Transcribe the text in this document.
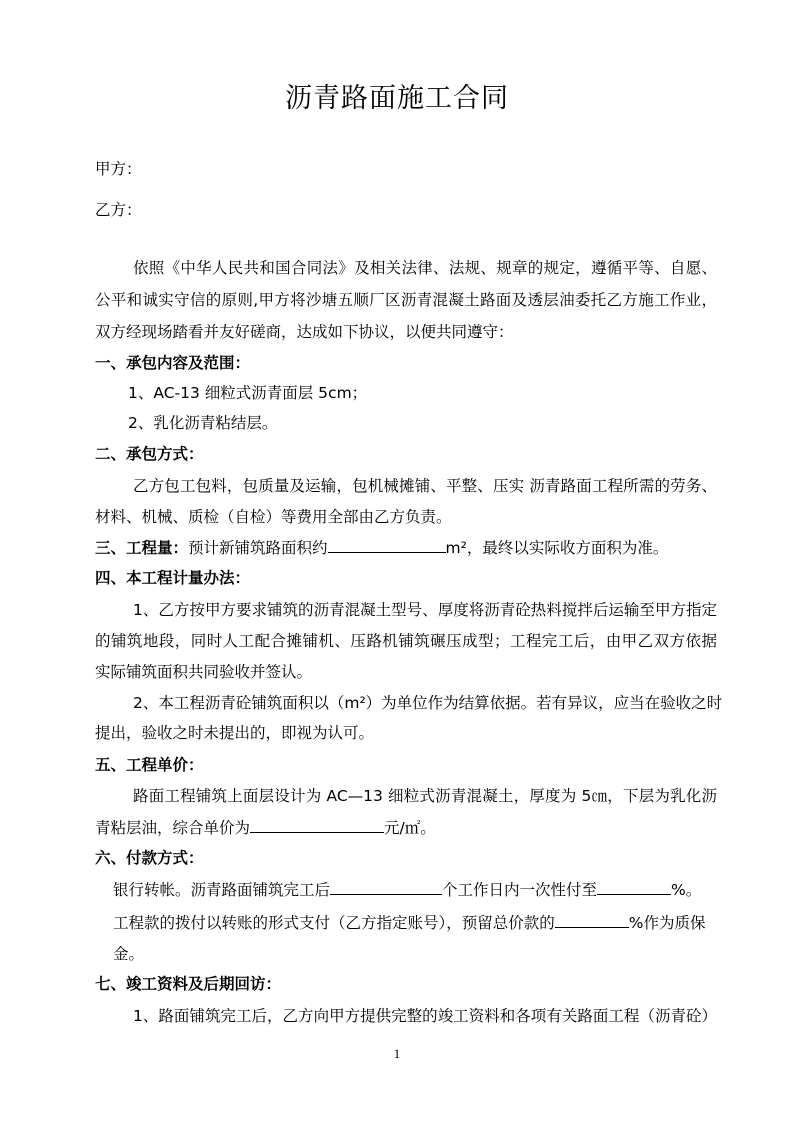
沥青路面施工合同
甲方：
乙方：
依照《中华人民共和国合同法》及相关法律、法规、规章的规定，遵循平等、自愿、
公平和诚实守信的原则,甲方将沙塘五顺厂区沥青混凝土路面及透层油委托乙方施工作业，
双方经现场踏看并友好磋商，达成如下协议，以便共同遵守：
一、承包内容及范围：
1、AC-13 细粒式沥青面层 5cm；
2、乳化沥青粘结层。
二、承包方式：
乙方包工包料，包质量及运输，包机械摊铺、平整、压实 沥青路面工程所需的劳务、
材料、机械、质检（自检）等费用全部由乙方负责。
三、工程量：预计新铺筑路面积约	m²，最终以实际收方面积为准。
四、本工程计量办法：
1、乙方按甲方要求铺筑的沥青混凝土型号、厚度将沥青砼热料搅拌后运输至甲方指定
的铺筑地段，同时人工配合摊铺机、压路机铺筑碾压成型；工程完工后，由甲乙双方依据
实际铺筑面积共同验收并签认。
2、本工程沥青砼铺筑面积以（m²）为单位作为结算依据。若有异议，应当在验收之时
提出，验收之时未提出的，即视为认可。
五、工程单价：
路面工程铺筑上面层设计为 AC—13 细粒式沥青混凝土，厚度为 5㎝，下层为乳化沥
青粘层油，综合单价为	元/㎡。
六、付款方式：
银行转帐。沥青路面铺筑完工后	个工作日内一次性付至	%。
工程款的拨付以转账的形式支付（乙方指定账号），预留总价款的	%作为质保
金。
七、竣工资料及后期回访：
1、路面铺筑完工后，乙方向甲方提供完整的竣工资料和各项有关路面工程（沥青砼）
1
